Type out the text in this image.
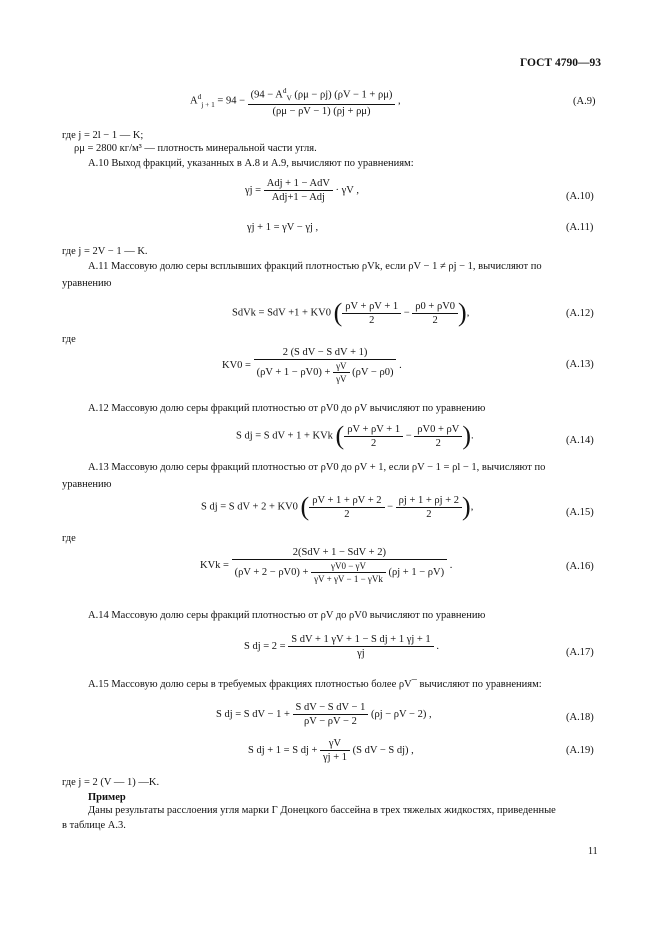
ГОСТ 4790—93
$A^d_{j + 1} = 94 - \frac{(94 - A^d_V (\rho\mu - \rho j) (\rho V - 1 + \rho\mu)}{(\rho\mu - \rho V - 1) (\rho j + \rho\mu)}$ ,	(A.9)
где j = 2l − 1 — K;
ρμ = 2800 кг/м³ — плотность минеральной части угля.
А.10 Выход фракций, указанных в А.8 и А.9, вычисляют по уравнениям:
$\gamma j = \frac{\text{Adj + 1 − AdV}}{\text{Adj+1 − Adj}} \cdot \gamma V$ ,
(A.10)
γj + 1 = γV − γj ,	(A.11)
где j = 2V − 1 — K.
А.11 Массовую долю серы всплывших фракций плотностью ρVk, если ρV − 1 ≠ ρj − 1, вычисляют по
уравнению
SdVk = SdV +1 + KV0 ( $\frac{\rho V + \rho V + 1}{2} - \frac{\rho 0 + \rho V0}{2}$ ),	(A.12)
где
$KV0 = \frac{\text{2 (S dV − S dV + 1)}}{(\rho V + 1 - \rho V0) + \frac{\gamma V}{\gamma V} (\rho V - \rho 0)}$ .	(A.13)
А.12 Массовую долю серы фракций плотностью от ρV0 до ρV вычисляют по уравнению
S dj = S dV + 1 + KVk ( $\frac{\rho V + \rho V + 1}{2} - \frac{\rho V0 + \rho V}{2}$ ).	(A.14)
А.13 Массовую долю серы фракций плотностью от ρV0 до ρV + 1, если ρV − 1 = ρl − 1, вычисляют по
уравнению
S dj = S dV + 2 + KV0 ( $\frac{\rho V + 1 + \rho V + 2}{2} - \frac{\rho j + 1 + \rho j + 2}{2}$ ),
(A.15)
где
KVk =
2(SdV + 1 − SdV + 2)
$(\rho V + 2 - \rho V0) + \frac{\gamma V0 - \gamma V}{\text{γV + γV − 1 − γVk}} (\rho j + 1 - \rho V)$
.	(A.16)
А.14 Массовую долю серы фракций плотностью от ρV до ρV0 вычисляют по уравнению
S dj = $2 = \frac{\text{S dV + 1 γV + 1 − S dj + 1 γj + 1}}{\gamma j}$ .
(A.17)
А.15 Массовую долю серы в требуемых фракциях плотностью более ρV¯ вычисляют по уравнениям:
S dj = S dV − $1 + \frac{\text{S dV − S dV − 1}}{\rho V - \rho V - 2} (\rho j - \rho V - 2)$ ,	(A.18)
S dj + 1 = S dj + $\frac{\gamma V}{\gamma j + 1} (S$ dV − S dj) ,	(A.19)
где j = 2 (V — 1) —K.
Пример
Даны результаты расслоения угля марки Г Донецкого бассейна в трех тяжелых жидкостях, приведенные
в таблице А.3.
11
